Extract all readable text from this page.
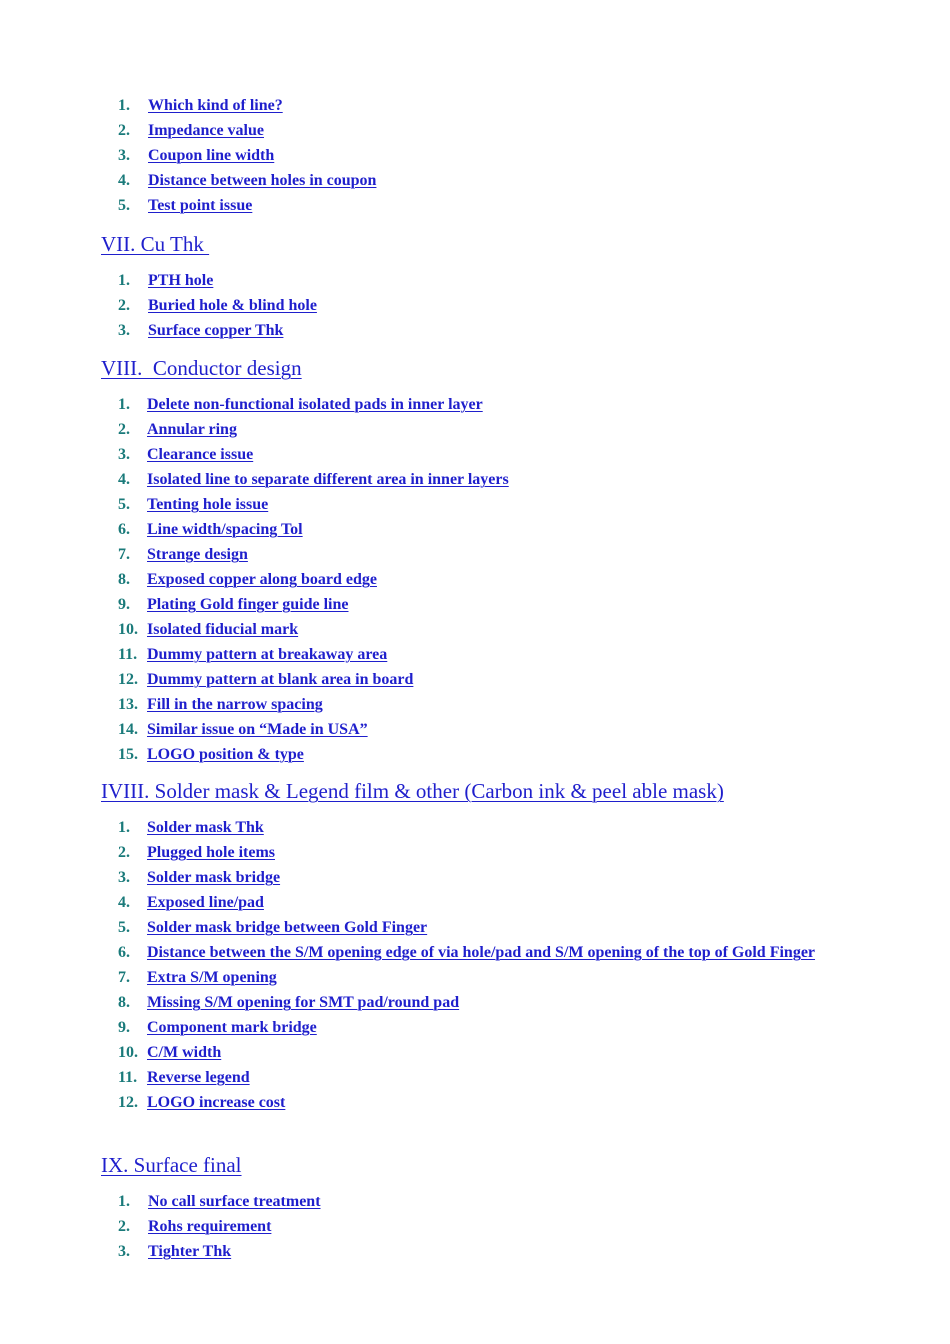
1.	Which kind of line?
2.	Impedance value
3.	Coupon line width
4.	Distance between holes in coupon
5.	Test point issue
VII. Cu Thk
1.	PTH hole
2.	Buried hole & blind hole
3.	Surface copper Thk
VIII.  Conductor design
1.	Delete non-functional isolated pads in inner layer
2.	Annular ring
3.	Clearance issue
4.	Isolated line to separate different area in inner layers
5.	Tenting hole issue
6.	Line width/spacing Tol
7.	Strange design
8.	Exposed copper along board edge
9.	Plating Gold finger guide line
10. Isolated fiducial mark
11. Dummy pattern at breakaway area
12. Dummy pattern at blank area in board
13. Fill in the narrow spacing
14. Similar issue on “Made in USA”
15. LOGO position & type
IVIII. Solder mask & Legend film & other (Carbon ink & peel able mask)
1.	Solder mask Thk
2.	Plugged hole items
3.	Solder mask bridge
4.	Exposed line/pad
5.	Solder mask bridge between Gold Finger
6.	Distance between the S/M opening edge of via hole/pad and S/M opening of the top of Gold Finger
7.	Extra S/M opening
8.	Missing S/M opening for SMT pad/round pad
9.	Component mark bridge
10. C/M width
11. Reverse legend
12. LOGO increase cost
IX. Surface final
1.	No call surface treatment
2.	Rohs requirement
3.	Tighter Thk
